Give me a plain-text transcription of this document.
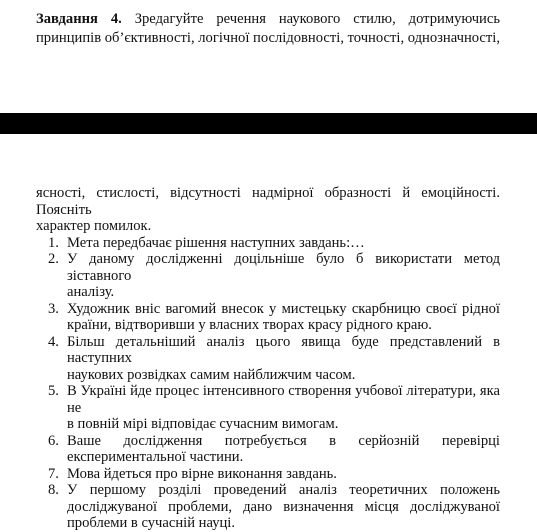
Завдання 4. Зредагуйте речення наукового стилю, дотримуючись
принципів об’єктивності, логічної послідовності, точності, однозначності,
ясності, стислості, відсутності надмірної образності й емоційності. Поясніть
характер помилок.
1. Мета передбачає рішення наступних завдань:…
2. У даному дослідженні доцільніше було б використати метод зіставного
аналізу.
3. Художник вніс вагомий внесок у мистецьку скарбницю своєї рідної
країни, відтворивши у власних творах красу рідного краю.
4. Більш детальніший аналіз цього явища буде представлений в наступних
наукових розвідках самим найближчим часом.
5. В Україні йде процес інтенсивного створення учбової літератури, яка не
в повній мірі відповідає сучасним вимогам.
6. Ваше дослідження потребується в серйозній перевірці
експериментальної частини.
7. Мова йдеться про вірне виконання завдань.
8. У першому розділі проведений аналіз теоретичних положень
досліджуваної проблеми, дано визначення місця досліджуваної
проблеми в сучасній науці.
